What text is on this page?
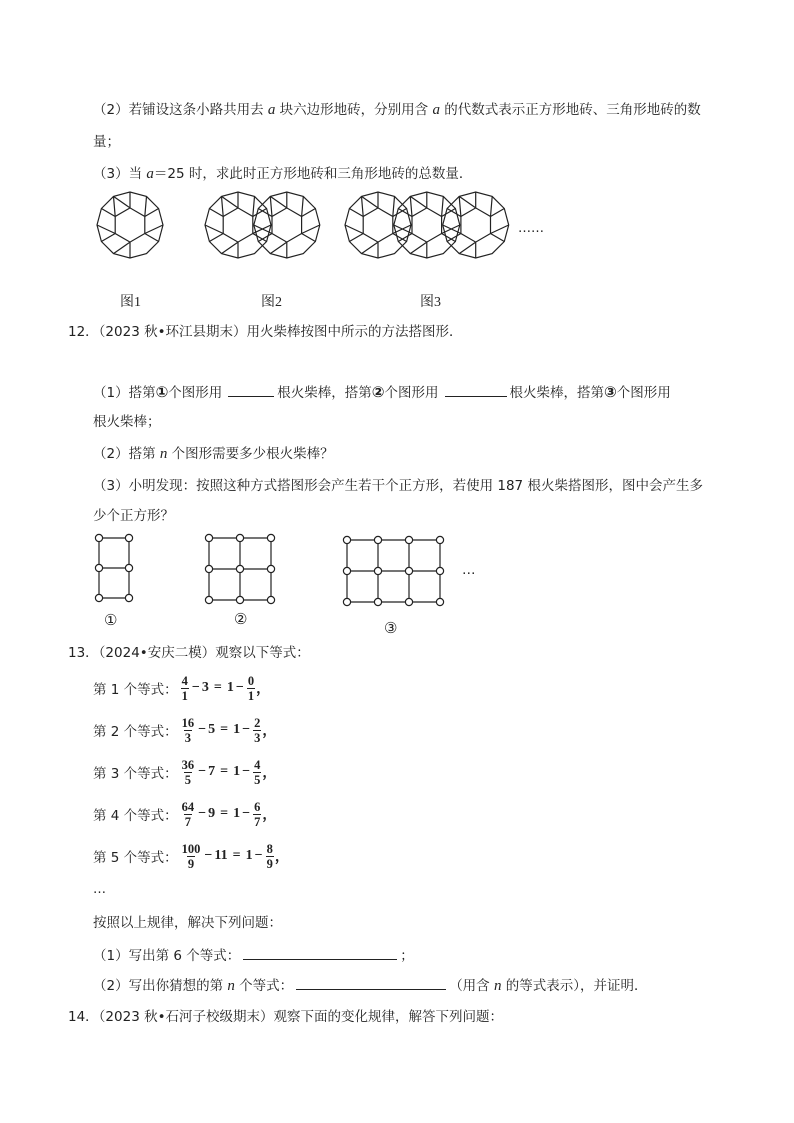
（2）若铺设这条小路共用去 a 块六边形地砖，分别用含 a 的代数式表示正方形地砖、三角形地砖的数
量；
（3）当 a＝25 时，求此时正方形地砖和三角形地砖的总数量．
……
图1	图2	图3
12．（2023 秋•环江县期末）用火柴棒按图中所示的方法搭图形．
（1）搭第①个图形用	根火柴棒，搭第②个图形用	根火柴棒，搭第③个图形用
根火柴棒；
（2）搭第 n 个图形需要多少根火柴棒？
（3）小明发现：按照这种方式搭图形会产生若干个正方形，若使用 187 根火柴搭图形，图中会产生多
少个正方形？
…
①	②
③
13．（2024•安庆二模）观察以下等式：
第 1 个等式： $\frac{4}{1} - 3 = 1 - \frac{0}{1}$ ，
第 2 个等式： $\frac{16}{3} - 5 = 1 - \frac{2}{3}$ ，
第 3 个等式： $\frac{36}{5} - 7 = 1 - \frac{4}{5}$ ，
第 4 个等式： $\frac{64}{7} - 9 = 1 - \frac{6}{7}$ ，
第 5 个等式： $\frac{100}{9} - 11 = 1 - \frac{8}{9}$ ，
…
按照以上规律，解决下列问题：
（1）写出第 6 个等式：	；
（2）写出你猜想的第 n 个等式：	（用含 n 的等式表示），并证明．
14．（2023 秋•石河子校级期末）观察下面的变化规律，解答下列问题：
